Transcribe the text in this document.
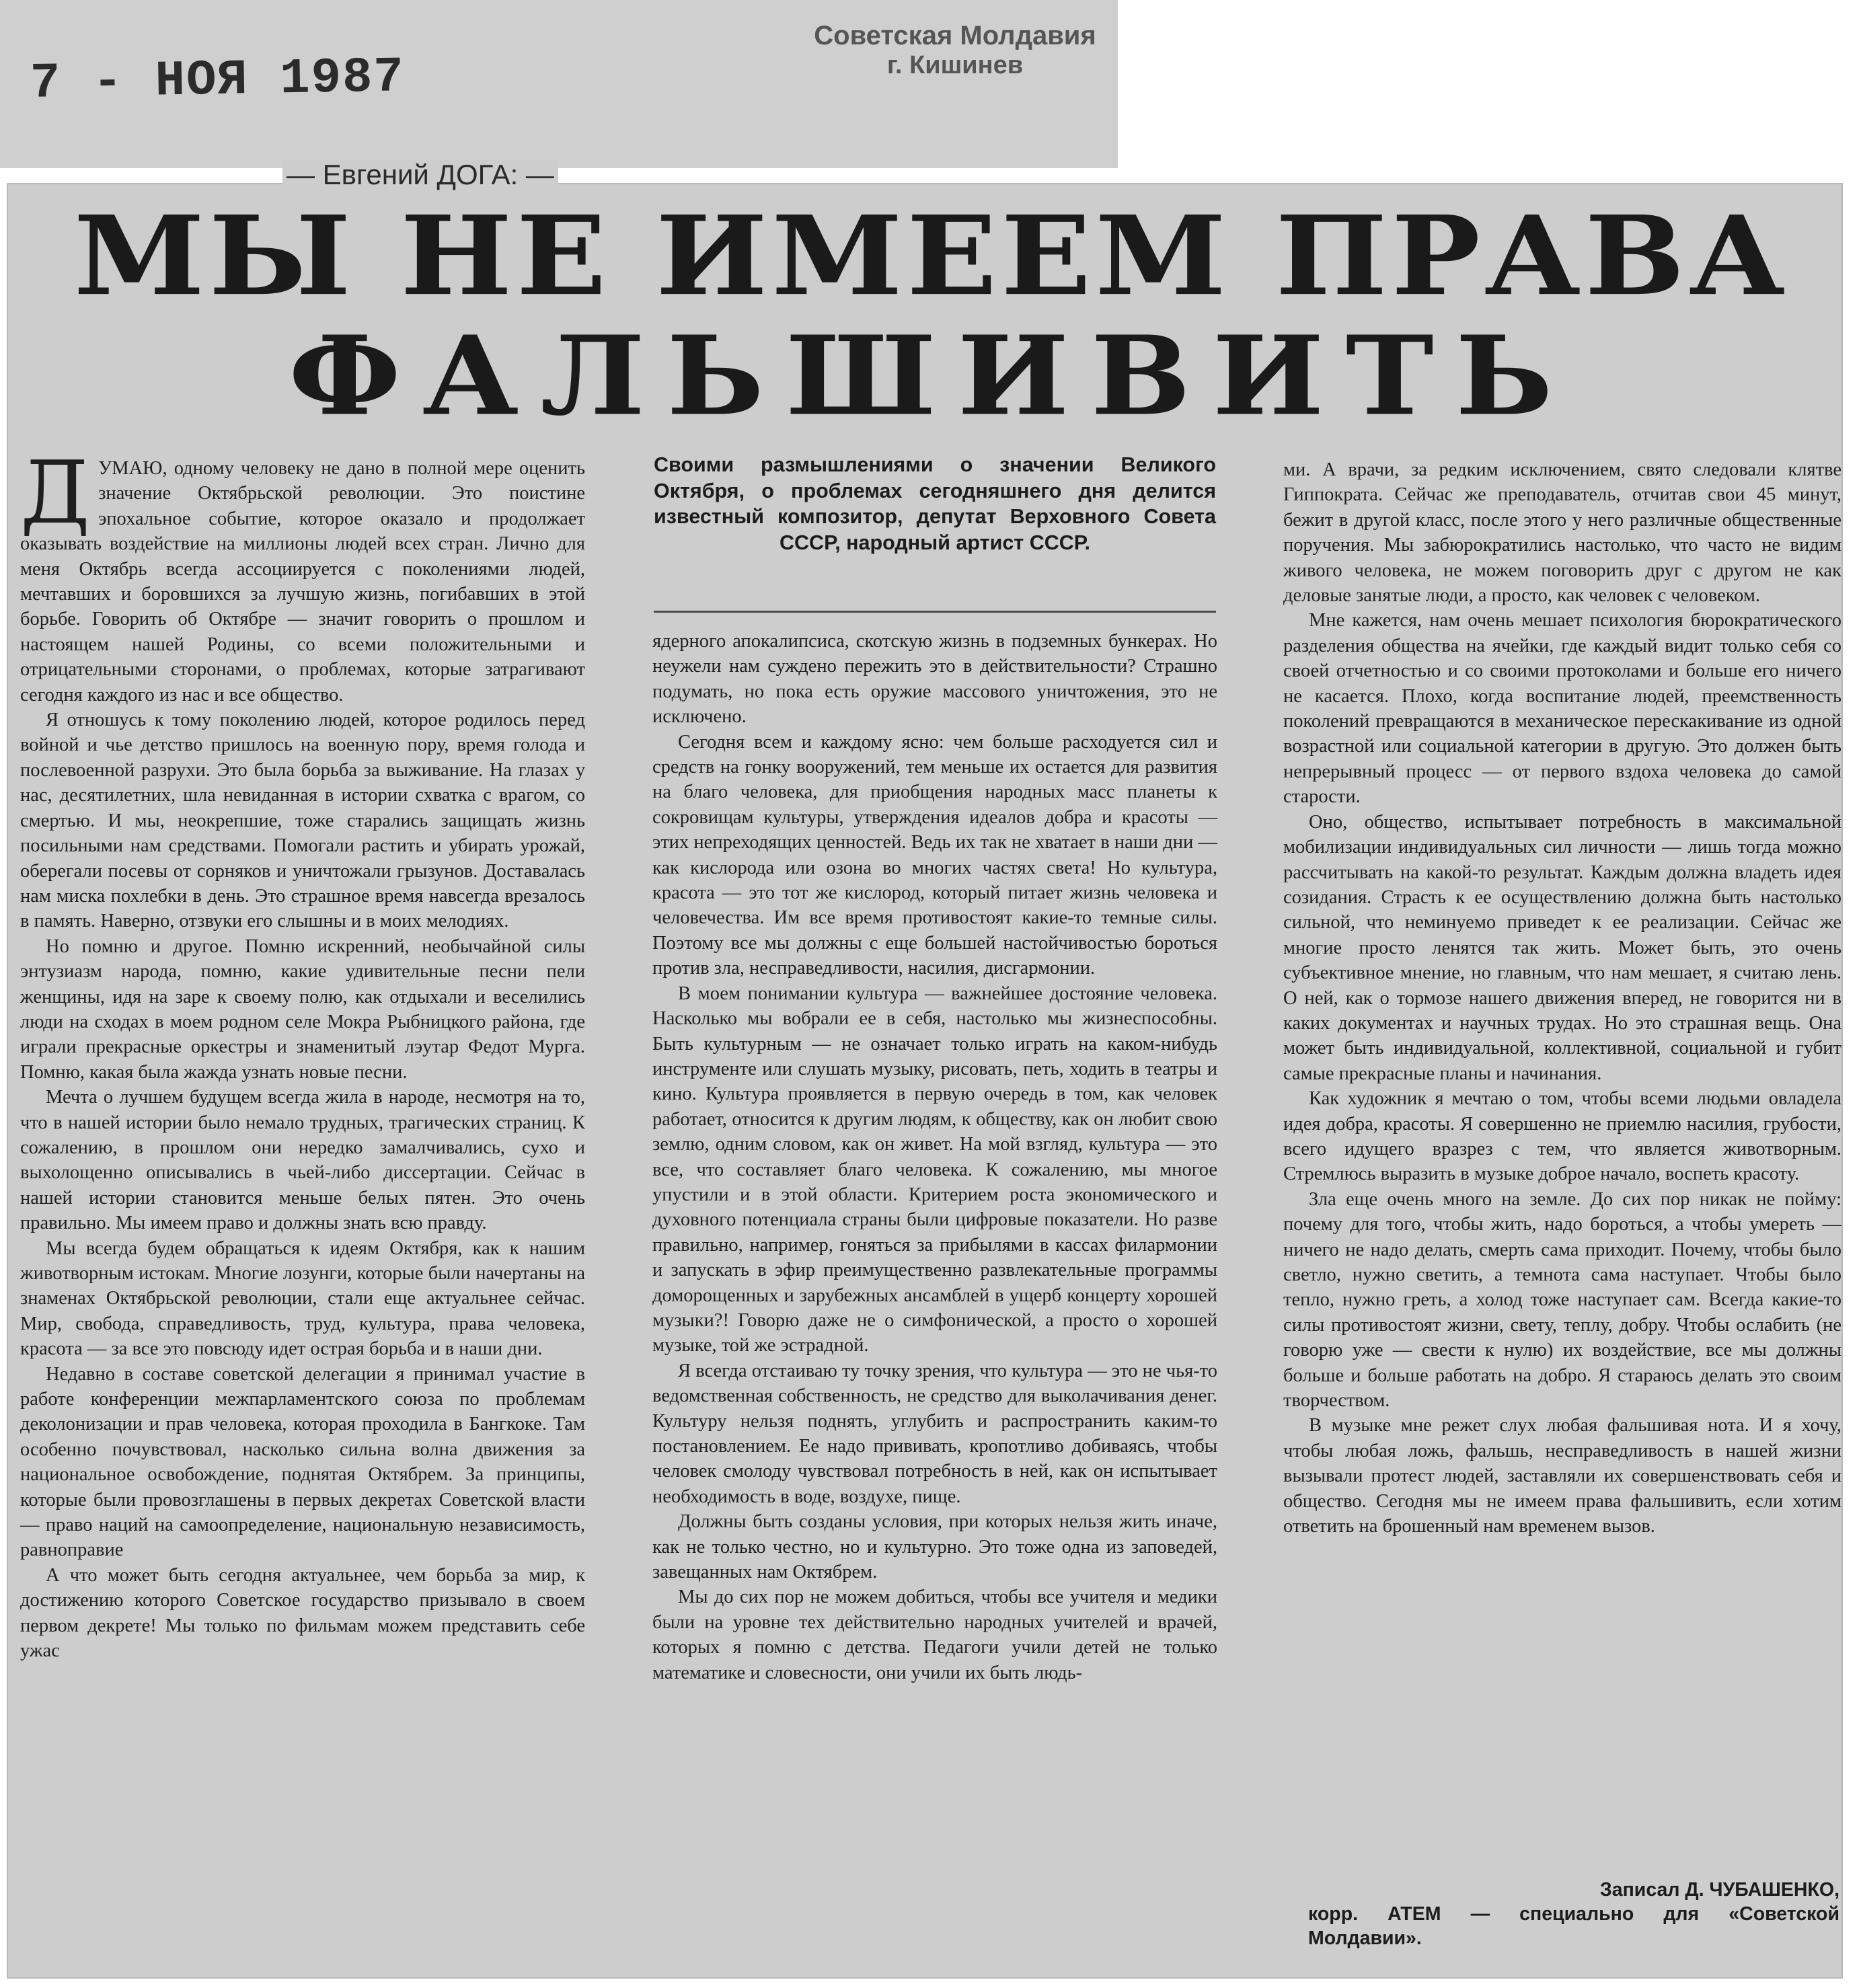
7 - НОЯ 1987
Советская Молдавия
г. Кишинев
— Евгений ДОГА: —
МЫ НЕ ИМЕЕМ ПРАВА
ФАЛЬШИВИТЬ

ДУМАЮ, одному человеку не дано в полной мере оценить значение Октябрьской революции. Это поистине эпохальное событие, которое оказало и продолжает оказывать воздействие на миллионы людей всех стран. Лично для меня Октябрь всегда ассоциируется с поколениями людей, мечтавших и боровшихся за лучшую жизнь, погибавших в этой борьбе. Говорить об Октябре — значит говорить о прошлом и настоящем нашей Родины, со всеми положительными и отрицательными сторонами, о проблемах, которые затрагивают сегодня каждого из нас и все общество.

Я отношусь к тому поколению людей, которое родилось перед войной и чье детство пришлось на военную пору, время голода и послевоенной разрухи. Это была борьба за выживание. На глазах у нас, десятилетних, шла невиданная в истории схватка с врагом, со смертью. И мы, неокрепшие, тоже старались защищать жизнь посильными нам средствами. Помогали растить и убирать урожай, оберегали посевы от сорняков и уничтожали грызунов. Доставалась нам миска похлебки в день. Это страшное время навсегда врезалось в память. Наверно, отзвуки его слышны и в моих мелодиях.

Но помню и другое. Помню искренний, необычайной силы энтузиазм народа, помню, какие удивительные песни пели женщины, идя на заре к своему полю, как отдыхали и веселились люди на сходах в моем родном селе Мокра Рыбницкого района, где играли прекрасные оркестры и знаменитый лэутар Федот Мурга. Помню, какая была жажда узнать новые песни.

Мечта о лучшем будущем всегда жила в народе, несмотря на то, что в нашей истории было немало трудных, трагических страниц. К сожалению, в прошлом они нередко замалчивались, сухо и выхолощенно описывались в чьей-либо диссертации. Сейчас в нашей истории становится меньше белых пятен. Это очень правильно. Мы имеем право и должны знать всю правду.

Мы всегда будем обращаться к идеям Октября, как к нашим животворным истокам. Многие лозунги, которые были начертаны на знаменах Октябрьской революции, стали еще актуальнее сейчас. Мир, свобода, справедливость, труд, культура, права человека, красота — за все это повсюду идет острая борьба и в наши дни.

Недавно в составе советской делегации я принимал участие в работе конференции межпарламентского союза по проблемам деколонизации и прав человека, которая проходила в Бангкоке. Там особенно почувствовал, насколько сильна волна движения за национальное освобождение, поднятая Октябрем. За принципы, которые были провозглашены в первых декретах Советской власти — право наций на самоопределение, национальную независимость, равноправие

А что может быть сегодня актуальнее, чем борьба за мир, к достижению которого Советское государство призывало в своем первом декрете! Мы только по фильмам можем представить себе ужас

Своими размышлениями о значении Великого Октября, о проблемах сегодняшнего дня делится известный композитор, депутат Верховного Совета СССР, народный артист СССР.

ядерного апокалипсиса, скотскую жизнь в подземных бункерах. Но неужели нам суждено пережить это в действительности? Страшно подумать, но пока есть оружие массового уничтожения, это не исключено.

Сегодня всем и каждому ясно: чем больше расходуется сил и средств на гонку вооружений, тем меньше их остается для развития на благо человека, для приобщения народных масс планеты к сокровищам культуры, утверждения идеалов добра и красоты — этих непреходящих ценностей. Ведь их так не хватает в наши дни — как кислорода или озона во многих частях света! Но культура, красота — это тот же кислород, который питает жизнь человека и человечества. Им все время противостоят какие-то темные силы. Поэтому все мы должны с еще большей настойчивостью бороться против зла, несправедливости, насилия, дисгармонии.

В моем понимании культура — важнейшее достояние человека. Насколько мы вобрали ее в себя, настолько мы жизнеспособны. Быть культурным — не означает только играть на каком-нибудь инструменте или слушать музыку, рисовать, петь, ходить в театры и кино. Культура проявляется в первую очередь в том, как человек работает, относится к другим людям, к обществу, как он любит свою землю, одним словом, как он живет. На мой взгляд, культура — это все, что составляет благо человека. К сожалению, мы многое упустили и в этой области. Критерием роста экономического и духовного потенциала страны были цифровые показатели. Но разве правильно, например, гоняться за прибылями в кассах филармонии и запускать в эфир преимущественно развлекательные программы доморощенных и зарубежных ансамблей в ущерб концерту хорошей музыки?! Говорю даже не о симфонической, а просто о хорошей музыке, той же эстрадной.

Я всегда отстаиваю ту точку зрения, что культура — это не чья-то ведомственная собственность, не средство для выколачивания денег. Культуру нельзя поднять, углубить и распространить каким-то постановлением. Ее надо прививать, кропотливо добиваясь, чтобы человек смолоду чувствовал потребность в ней, как он испытывает необходимость в воде, воздухе, пище.

Должны быть созданы условия, при которых нельзя жить иначе, как не только честно, но и культурно. Это тоже одна из заповедей, завещанных нам Октябрем.

Мы до сих пор не можем добиться, чтобы все учителя и медики были на уровне тех действительно народных учителей и врачей, которых я помню с детства. Педагоги учили детей не только математике и словесности, они учили их быть людь-

ми. А врачи, за редким исключением, свято следовали клятве Гиппократа. Сейчас же преподаватель, отчитав свои 45 минут, бежит в другой класс, после этого у него различные общественные поручения. Мы забюрократились настолько, что часто не видим живого человека, не можем поговорить друг с другом не как деловые занятые люди, а просто, как человек с человеком.

Мне кажется, нам очень мешает психология бюрократического разделения общества на ячейки, где каждый видит только себя со своей отчетностью и со своими протоколами и больше его ничего не касается. Плохо, когда воспитание людей, преемственность поколений превращаются в механическое перескакивание из одной возрастной или социальной категории в другую. Это должен быть непрерывный процесс — от первого вздоха человека до самой старости.

Оно, общество, испытывает потребность в максимальной мобилизации индивидуальных сил личности — лишь тогда можно рассчитывать на какой-то результат. Каждым должна владеть идея созидания. Страсть к ее осуществлению должна быть настолько сильной, что неминуемо приведет к ее реализации. Сейчас же многие просто ленятся так жить. Может быть, это очень субъективное мнение, но главным, что нам мешает, я считаю лень. О ней, как о тормозе нашего движения вперед, не говорится ни в каких документах и научных трудах. Но это страшная вещь. Она может быть индивидуальной, коллективной, социальной и губит самые прекрасные планы и начинания.

Как художник я мечтаю о том, чтобы всеми людьми овладела идея добра, красоты. Я совершенно не приемлю насилия, грубости, всего идущего вразрез с тем, что является животворным. Стремлюсь выразить в музыке доброе начало, воспеть красоту.

Зла еще очень много на земле. До сих пор никак не пойму: почему для того, чтобы жить, надо бороться, а чтобы умереть — ничего не надо делать, смерть сама приходит. Почему, чтобы было светло, нужно светить, а темнота сама наступает. Чтобы было тепло, нужно греть, а холод тоже наступает сам. Всегда какие-то силы противостоят жизни, свету, теплу, добру. Чтобы ослабить (не говорю уже — свести к нулю) их воздействие, все мы должны больше и больше работать на добро. Я стараюсь делать это своим творчеством.

В музыке мне режет слух любая фальшивая нота. И я хочу, чтобы любая ложь, фальшь, несправедливость в нашей жизни вызывали протест людей, заставляли их совершенствовать себя и общество. Сегодня мы не имеем права фальшивить, если хотим ответить на брошенный нам временем вызов.

Записал Д. ЧУБАШЕНКО,
корр. АТЕМ — специально для «Советской
Молдавии».
